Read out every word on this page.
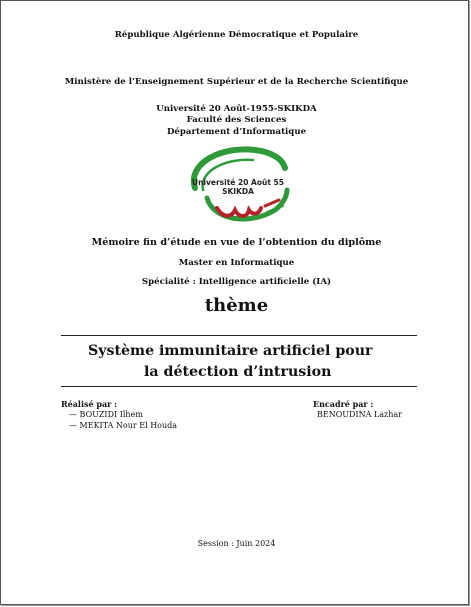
République Algérienne Démocratique et Populaire
Ministère de l’Enseignement Supérieur et de la Recherche Scientifique
Université 20 Août-1955-SKIKDA
Faculté des Sciences
Département d’Informatique
Université 20 Août 55
SKIKDA
Mémoire fin d’étude en vue de l’obtention du diplôme
Master en Informatique
Spécialité : Intelligence artificielle (IA)
thème
Système immunitaire artificiel pour
la détection d’intrusion
Réalisé par :
— BOUZIDI Ilhem
— MEKITA Nour El Houda
Encadré par :
BENOUDINA Lazhar
Session : Juin 2024
